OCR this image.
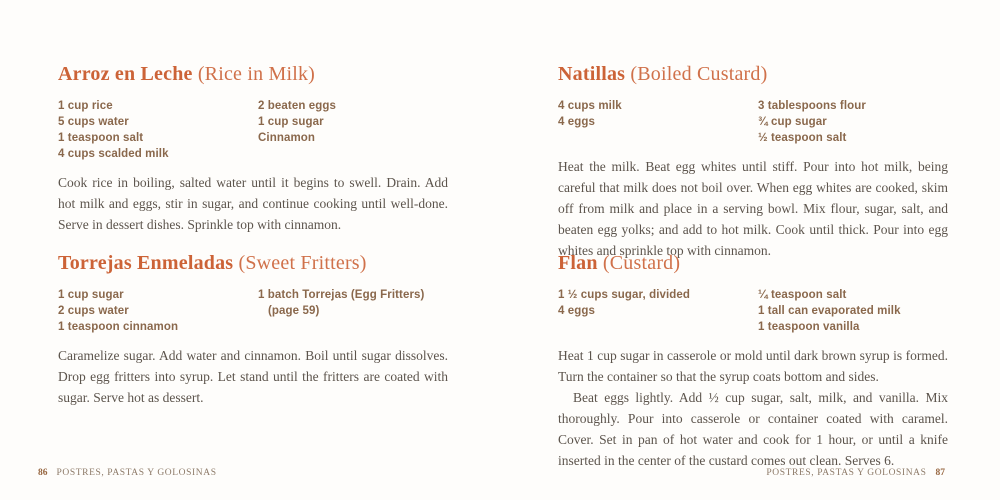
Arroz en Leche (Rice in Milk)
1 cup rice
5 cups water
1 teaspoon salt
4 cups scalded milk
2 beaten eggs
1 cup sugar
Cinnamon

Cook rice in boiling, salted water until it begins to swell. Drain. Add hot milk and eggs, stir in sugar, and continue cooking until well-done. Serve in dessert dishes. Sprinkle top with cinnamon.

Torrejas Enmeladas (Sweet Fritters)
1 cup sugar
2 cups water
1 teaspoon cinnamon
1 batch Torrejas (Egg Fritters)
(page 59)

Caramelize sugar. Add water and cinnamon. Boil until sugar dissolves. Drop egg fritters into syrup. Let stand until the fritters are coated with sugar. Serve hot as dessert.

86 POSTRES, PASTAS Y GOLOSINAS
Natillas (Boiled Custard)
4 cups milk
4 eggs
3 tablespoons flour
¾ cup sugar
½ teaspoon salt

Heat the milk. Beat egg whites until stiff. Pour into hot milk, being careful that milk does not boil over. When egg whites are cooked, skim off from milk and place in a serving bowl. Mix flour, sugar, salt, and beaten egg yolks; and add to hot milk. Cook until thick. Pour into egg whites and sprinkle top with cinnamon.

Flan (Custard)
1 ½ cups sugar, divided
4 eggs
¼ teaspoon salt
1 tall can evaporated milk
1 teaspoon vanilla

Heat 1 cup sugar in casserole or mold until dark brown syrup is formed. Turn the container so that the syrup coats bottom and sides.

Beat eggs lightly. Add ½ cup sugar, salt, milk, and vanilla. Mix thoroughly. Pour into casserole or container coated with caramel. Cover. Set in pan of hot water and cook for 1 hour, or until a knife inserted in the center of the custard comes out clean. Serves 6.

POSTRES, PASTAS Y GOLOSINAS 87
